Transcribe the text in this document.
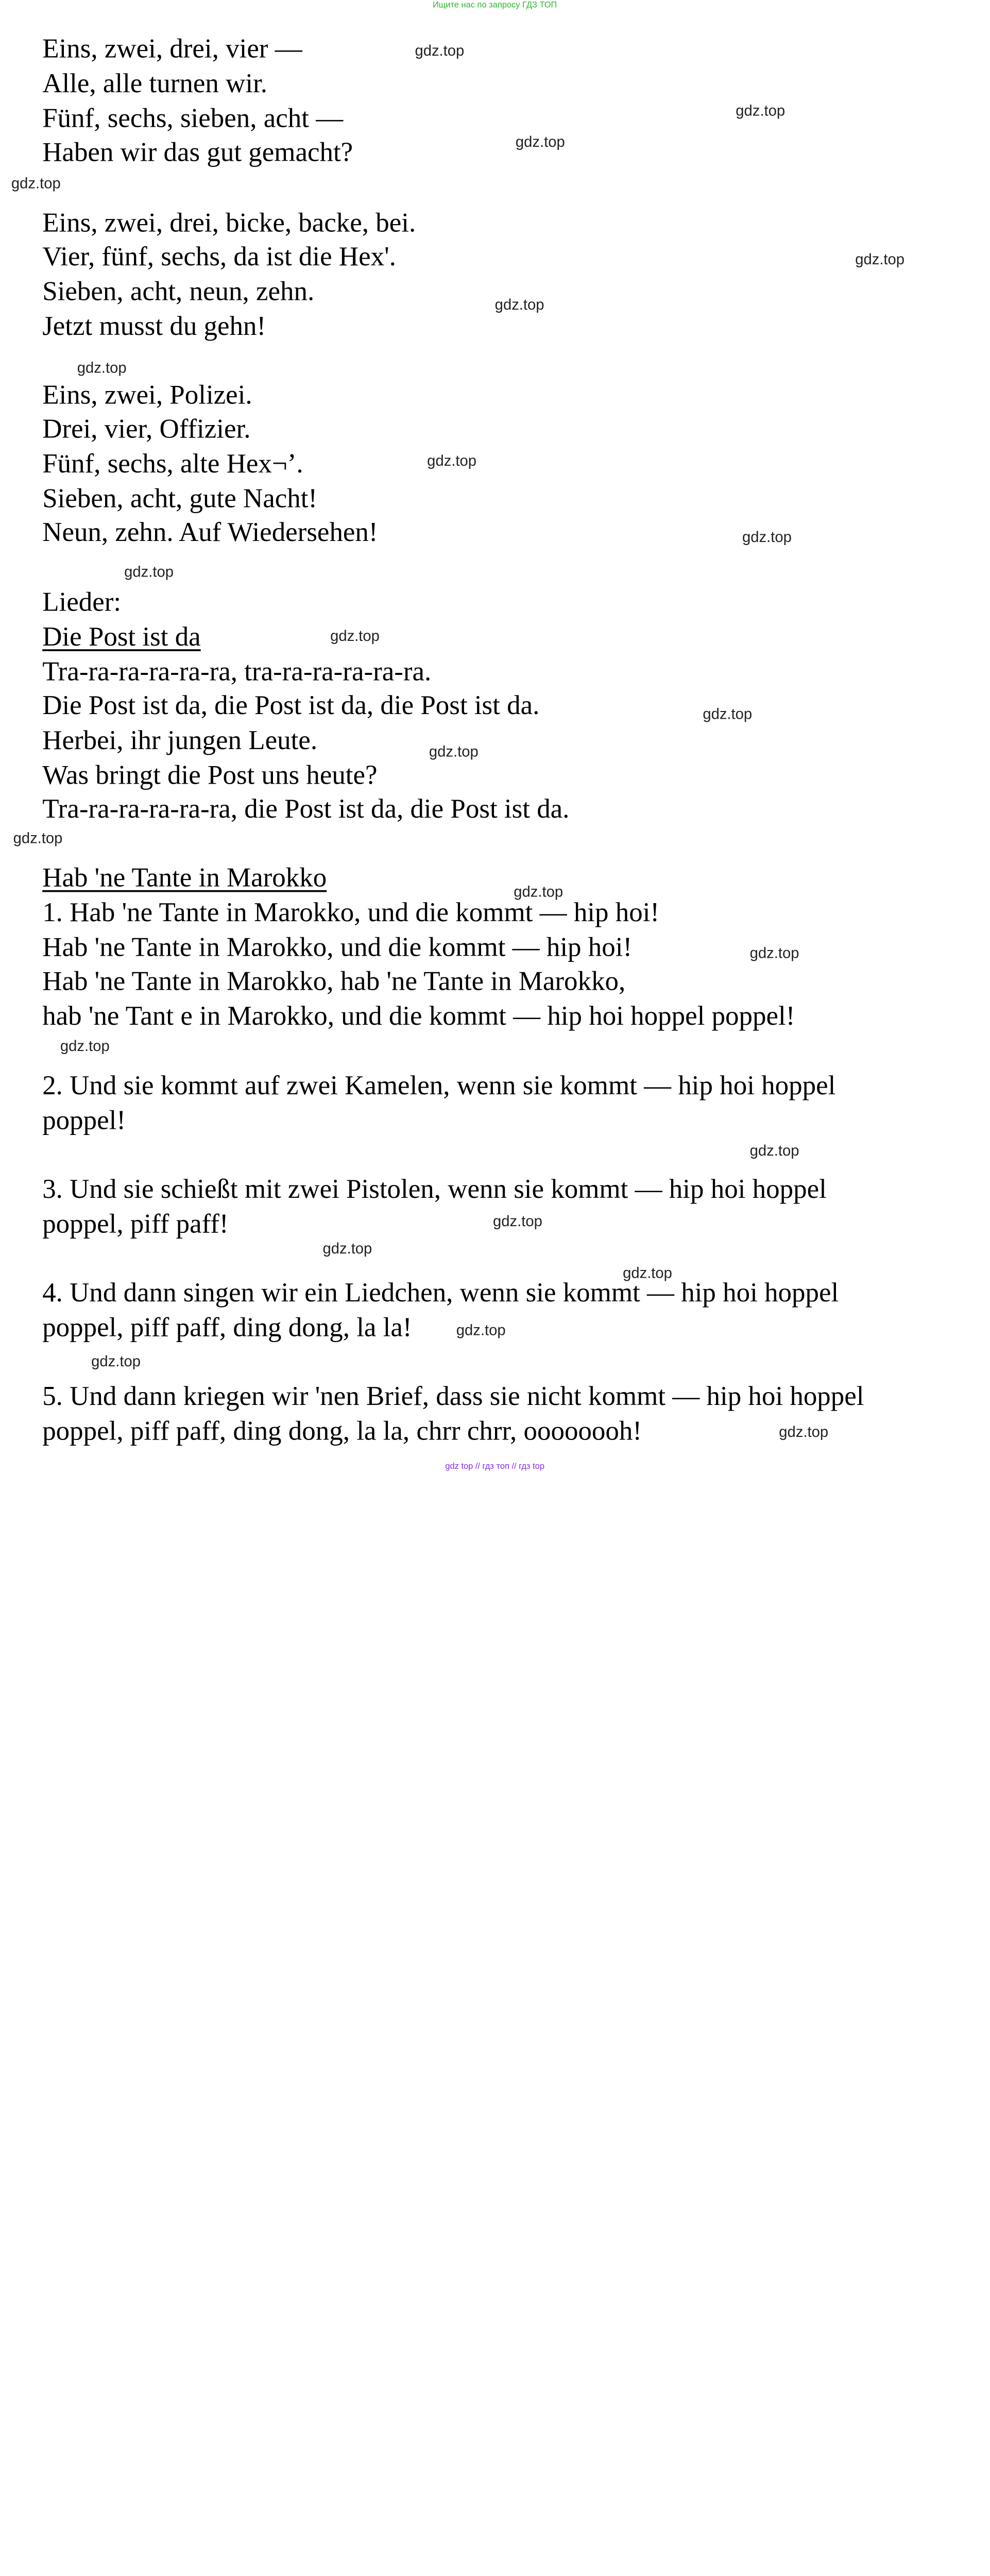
Ищите нас по запросу ГДЗ ТОП

Eins, zwei, drei, vier —

Alle, alle turnen wir.

Fünf, sechs, sieben, acht —

Haben wir das gut gemacht?

Eins, zwei, drei, bicke, backe, bei.

Vier, fünf, sechs, da ist die Hex'.

Sieben, acht, neun, zehn.

Jetzt musst du gehn!

Eins, zwei, Polizei.

Drei, vier, Offizier.

Fünf, sechs, alte Hex¬’.

Sieben, acht, gute Nacht!

Neun, zehn. Auf Wiedersehen!

Lieder:

Die Post ist da

Tra-ra-ra-ra-ra-ra, tra-ra-ra-ra-ra-ra.

Die Post ist da, die Post ist da, die Post ist da.

Herbei, ihr jungen Leute.

Was bringt die Post uns heute?

Tra-ra-ra-ra-ra-ra, die Post ist da, die Post ist da.

Hab 'ne Tante in Marokko

1. Hab 'ne Tante in Marokko, und die kommt — hip hoi!

Hab 'ne Tante in Marokko, und die kommt — hip hoi!

Hab 'ne Tante in Marokko, hab 'ne Tante in Marokko,

hab 'ne Tant e in Marokko, und die kommt — hip hoi hoppel poppel!

2. Und sie kommt auf zwei Kamelen, wenn sie kommt — hip hoi hoppel

poppel!

3. Und sie schießt mit zwei Pistolen, wenn sie kommt — hip hoi hoppel

poppel, piff paff!

4. Und dann singen wir ein Liedchen, wenn sie kommt — hip hoi hoppel

poppel, piff paff, ding dong, la la!

5. Und dann kriegen wir 'nen Brief, dass sie nicht kommt — hip hoi hoppel

poppel, piff paff, ding dong, la la, chrr chrr, oooooooh!

gdz.top
gdz.top
gdz.top
gdz.top
gdz.top
gdz.top
gdz.top
gdz.top
gdz.top
gdz.top
gdz.top
gdz.top
gdz.top
gdz.top
gdz.top
gdz.top
gdz.top
gdz.top
gdz.top
gdz.top
gdz.top
gdz.top
gdz.top
gdz.top
gdz top // гдз топ // гдз top
